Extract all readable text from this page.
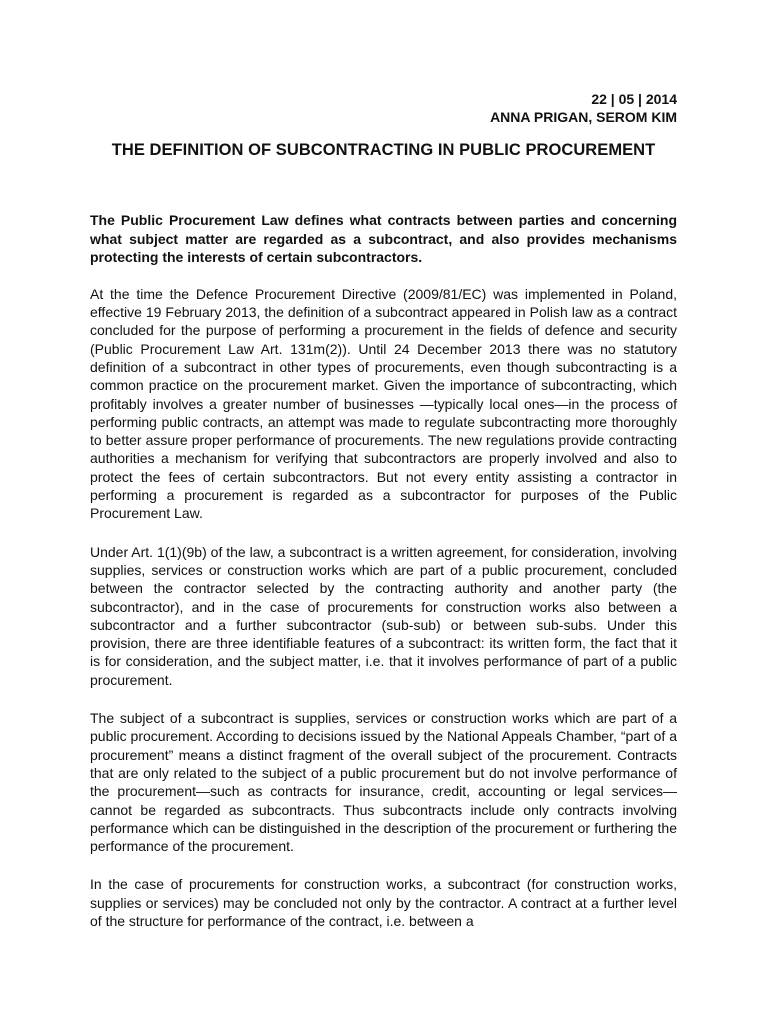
22 | 05 | 2014
ANNA PRIGAN, SEROM KIM
THE DEFINITION OF SUBCONTRACTING IN PUBLIC PROCUREMENT
The Public Procurement Law defines what contracts between parties and concerning what subject matter are regarded as a subcontract, and also provides mechanisms protecting the interests of certain subcontractors.
At the time the Defence Procurement Directive (2009/81/EC) was implemented in Poland, effective 19 February 2013, the definition of a subcontract appeared in Polish law as a contract concluded for the purpose of performing a procurement in the fields of defence and security (Public Procurement Law Art. 131m(2)). Until 24 December 2013 there was no statutory definition of a subcontract in other types of procurements, even though subcontracting is a common practice on the procurement market. Given the importance of subcontracting, which profitably involves a greater number of businesses —typically local ones—in the process of performing public contracts, an attempt was made to regulate subcontracting more thoroughly to better assure proper performance of procurements. The new regulations provide contracting authorities a mechanism for verifying that subcontractors are properly involved and also to protect the fees of certain subcontractors. But not every entity assisting a contractor in performing a procurement is regarded as a subcontractor for purposes of the Public Procurement Law.
Under Art. 1(1)(9b) of the law, a subcontract is a written agreement, for consideration, involving supplies, services or construction works which are part of a public procurement, concluded between the contractor selected by the contracting authority and another party (the subcontractor), and in the case of procurements for construction works also between a subcontractor and a further subcontractor (sub-sub) or between sub-subs. Under this provision, there are three identifiable features of a subcontract: its written form, the fact that it is for consideration, and the subject matter, i.e. that it involves performance of part of a public procurement.
The subject of a subcontract is supplies, services or construction works which are part of a public procurement. According to decisions issued by the National Appeals Chamber, “part of a procurement” means a distinct fragment of the overall subject of the procurement. Contracts that are only related to the subject of a public procurement but do not involve performance of the procurement—such as contracts for insurance, credit, accounting or legal services—cannot be regarded as subcontracts. Thus subcontracts include only contracts involving performance which can be distinguished in the description of the procurement or furthering the performance of the procurement.
In the case of procurements for construction works, a subcontract (for construction works, supplies or services) may be concluded not only by the contractor. A contract at a further level of the structure for performance of the contract, i.e. between a
